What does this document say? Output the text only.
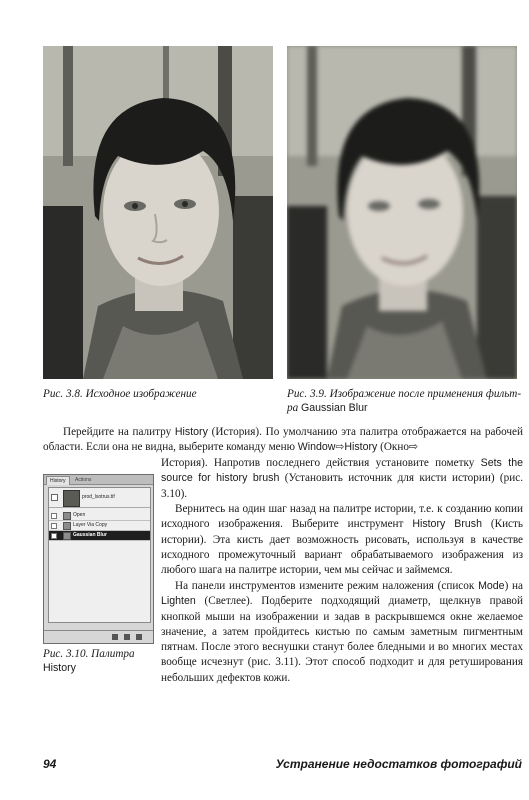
Рис. 3.8. Исходное изображение	Рис. 3.9. Изображение после применения фильт-ра Gaussian Blur
Перейдите на палитру History (История). По умолчанию эта палитра отображается на рабочей области. Если она не видна, выберите команду меню Window⇨History (Окно⇨
История). Напротив последнего действия установите пометку Sets the source for history brush (Установить источник для кисти истории) (рис. 3.10).
History	Actions
prod_lsotrus.tif
Open
Layer Via Copy
Gaussian Blur
Рис. 3.10. Палитра
History
Вернитесь на один шаг назад на палитре истории, т.е. к созданию копии исходного изображения. Выберите инструмент History Brush (Кисть истории). Эта кисть дает возможность рисовать, используя в качестве исходного промежуточный вариант обрабатываемого изображения из любого шага на палитре истории, чем мы сейчас и займемся.
На панели инструментов измените режим наложения (список Mode) на Lighten (Светлее). Подберите подходящий диаметр, щелкнув правой кнопкой мыши на изображении и задав в раскрывшемся окне желаемое значение, а затем пройдитесь кистью по самым заметным пигментным пятнам. После этого веснушки станут более бледными и во многих местах вообще исчезнут (рис. 3.11). Этот способ подходит и для ретуширования небольших дефектов кожи.
94	Устранение недостатков фотографий
